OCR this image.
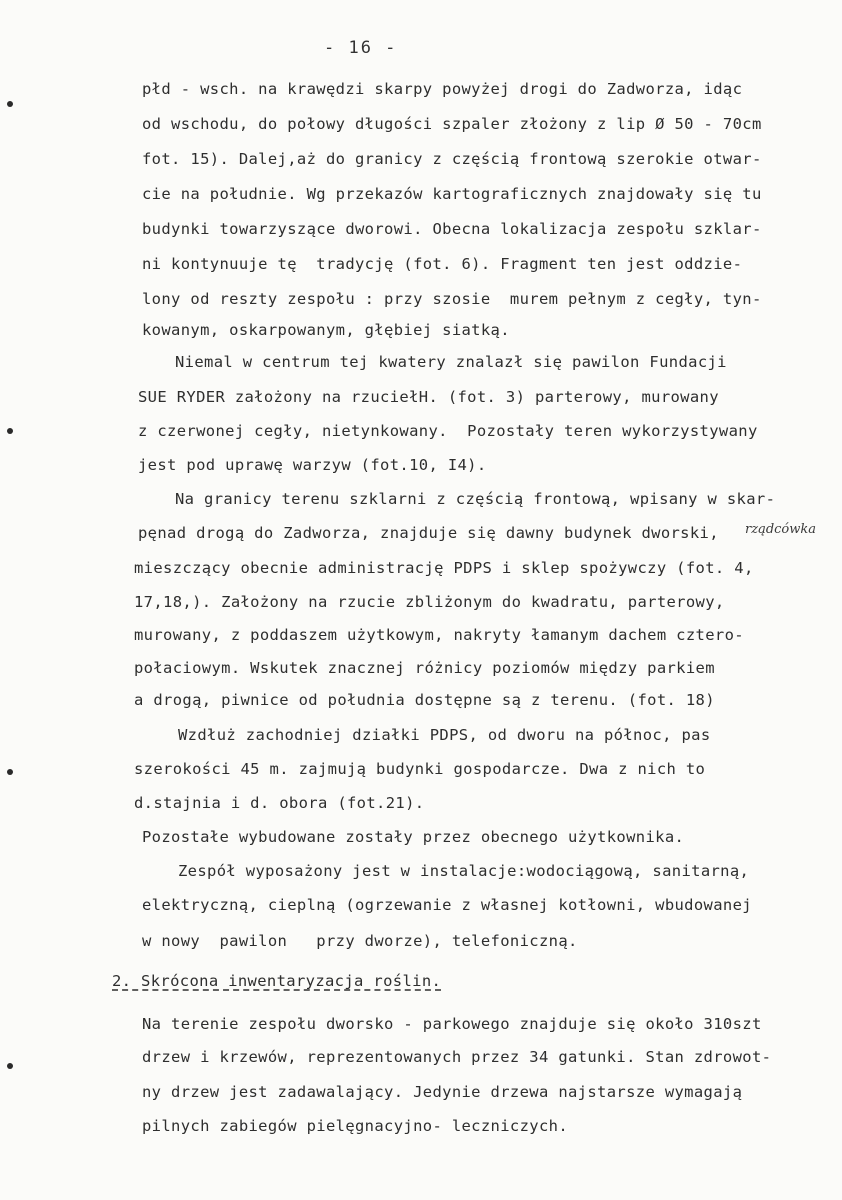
- 16 -
płd - wsch. na krawędzi skarpy powyżej drogi do Zadworza, idąc
od wschodu, do połowy długości szpaler złożony z lip Ø 50 - 70cm
fot. 15). Dalej,aż do granicy z częścią frontową szerokie otwar-
cie na południe. Wg przekazów kartograficznych znajdowały się tu
budynki towarzyszące dworowi. Obecna lokalizacja zespołu szklar-
ni kontynuuje tę  tradycję (fot. 6). Fragment ten jest oddzie-
lony od reszty zespołu : przy szosie  murem pełnym z cegły, tyn-
kowanym, oskarpowanym, głębiej siatką.
Niemal w centrum tej kwatery znalazł się pawilon Fundacji
SUE RYDER założony na rzuciełH. (fot. 3) parterowy, murowany
z czerwonej cegły, nietynkowany.  Pozostały teren wykorzystywany
jest pod uprawę warzyw (fot.10, I4).
Na granicy terenu szklarni z częścią frontową, wpisany w skar-
pęnad drogą do Zadworza, znajduje się dawny budynek dworski, rządcówka
mieszczący obecnie administrację PDPS i sklep spożywczy (fot. 4,
17,18,). Założony na rzucie zbliżonym do kwadratu, parterowy,
murowany, z poddaszem użytkowym, nakryty łamanym dachem cztero-
połaciowym. Wskutek znacznej różnicy poziomów między parkiem
a drogą, piwnice od południa dostępne są z terenu. (fot. 18)
Wzdłuż zachodniej działki PDPS, od dworu na północ, pas
szerokości 45 m. zajmują budynki gospodarcze. Dwa z nich to
d.stajnia i d. obora (fot.21).
Pozostałe wybudowane zostały przez obecnego użytkownika.
Zespół wyposażony jest w instalacje:wodociągową, sanitarną,
elektryczną, cieplną (ogrzewanie z własnej kotłowni, wbudowanej
w nowy  pawilon   przy dworze), telefoniczną.
2. Skrócona inwentaryzacja roślin.
Na terenie zespołu dworsko - parkowego znajduje się około 310szt
drzew i krzewów, reprezentowanych przez 34 gatunki. Stan zdrowot-
ny drzew jest zadawalający. Jedynie drzewa najstarsze wymagają
pilnych zabiegów pielęgnacyjno- leczniczych.
